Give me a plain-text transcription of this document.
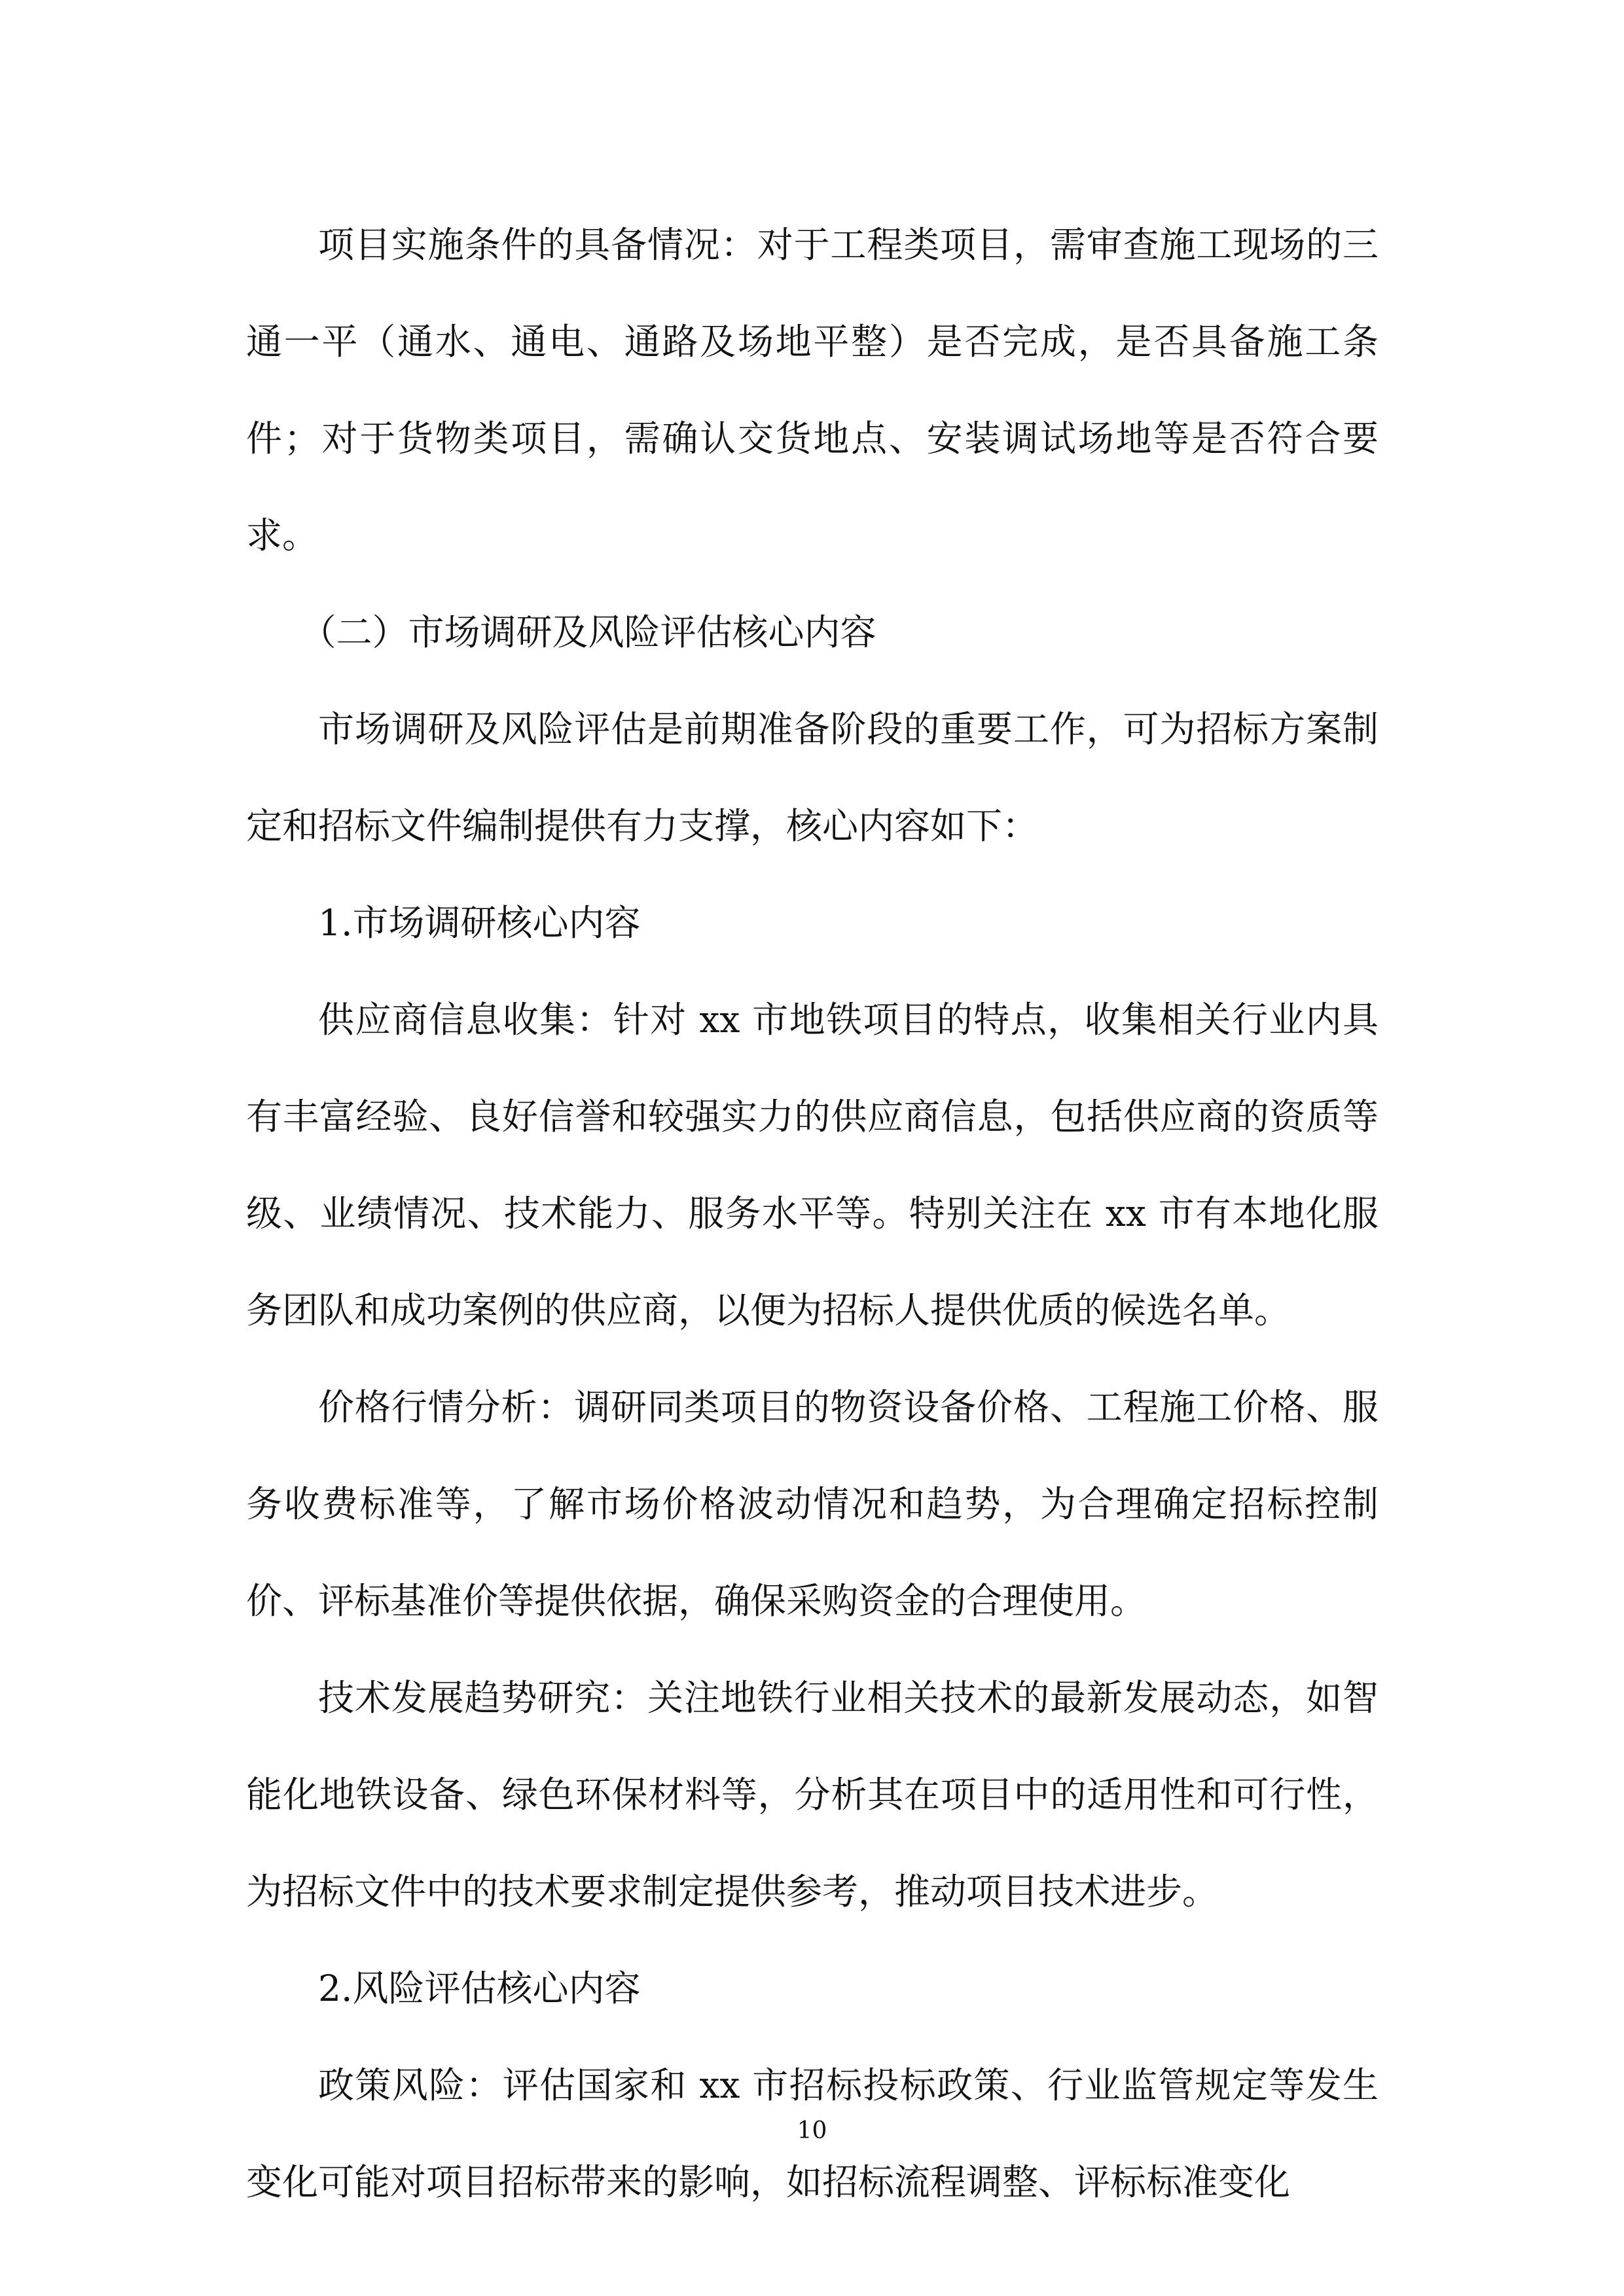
项目实施条件的具备情况：对于工程类项目，需审查施工现场的三通一平（通水、通电、通路及场地平整）是否完成，是否具备施工条件；对于货物类项目，需确认交货地点、安装调试场地等是否符合要求。

（二）市场调研及风险评估核心内容

市场调研及风险评估是前期准备阶段的重要工作，可为招标方案制定和招标文件编制提供有力支撑，核心内容如下：

1.市场调研核心内容

供应商信息收集：针对 xx 市地铁项目的特点，收集相关行业内具有丰富经验、良好信誉和较强实力的供应商信息，包括供应商的资质等级、业绩情况、技术能力、服务水平等。特别关注在 xx 市有本地化服务团队和成功案例的供应商，以便为招标人提供优质的候选名单。

价格行情分析：调研同类项目的物资设备价格、工程施工价格、服务收费标准等，了解市场价格波动情况和趋势，为合理确定招标控制价、评标基准价等提供依据，确保采购资金的合理使用。

技术发展趋势研究：关注地铁行业相关技术的最新发展动态，如智能化地铁设备、绿色环保材料等，分析其在项目中的适用性和可行性，为招标文件中的技术要求制定提供参考，推动项目技术进步。

2.风险评估核心内容

政策风险：评估国家和 xx 市招标投标政策、行业监管规定等发生变化可能对项目招标带来的影响，如招标流程调整、评标标准变化

10
